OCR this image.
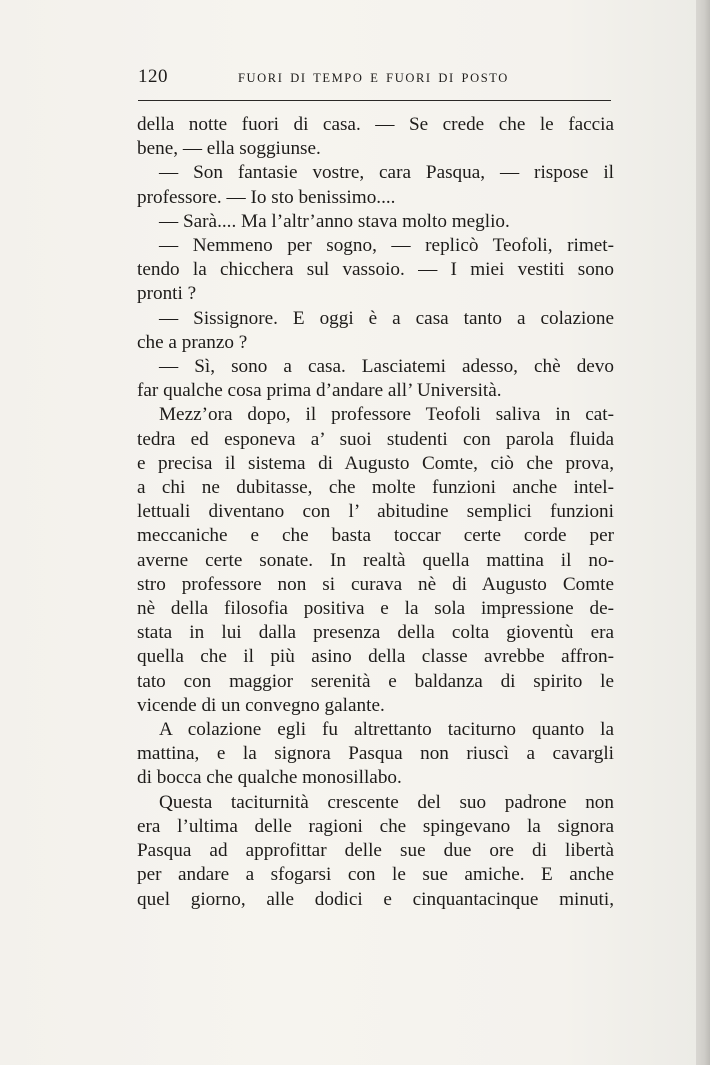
120	FUORI DI TEMPO E FUORI DI POSTO

della notte fuori di casa. — Se crede che le faccia

bene, — ella soggiunse.

— Son fantasie vostre, cara Pasqua, — rispose il

professore. — Io sto benissimo....

— Sarà.... Ma l’altr’anno stava molto meglio.

— Nemmeno per sogno, — replicò Teofoli, rimet-

tendo la chicchera sul vassoio. — I miei vestiti sono

pronti ?

— Sissignore. E oggi è a casa tanto a colazione

che a pranzo ?

— Sì, sono a casa. Lasciatemi adesso, chè devo

far qualche cosa prima d’andare all’ Università.

Mezz’ora dopo, il professore Teofoli saliva in cat-

tedra ed esponeva a’ suoi studenti con parola fluida

e precisa il sistema di Augusto Comte, ciò che prova,

a chi ne dubitasse, che molte funzioni anche intel-

lettuali diventano con l’ abitudine semplici funzioni

meccaniche e che basta toccar certe corde per

averne certe sonate. In realtà quella mattina il no-

stro professore non si curava nè di Augusto Comte

nè della filosofia positiva e la sola impressione de-

stata in lui dalla presenza della colta gioventù era

quella che il più asino della classe avrebbe affron-

tato con maggior serenità e baldanza di spirito le

vicende di un convegno galante.

A colazione egli fu altrettanto taciturno quanto la

mattina, e la signora Pasqua non riuscì a cavargli

di bocca che qualche monosillabo.

Questa taciturnità crescente del suo padrone non

era l’ultima delle ragioni che spingevano la signora

Pasqua ad approfittar delle sue due ore di libertà

per andare a sfogarsi con le sue amiche. E anche

quel giorno, alle dodici e cinquantacinque minuti,
